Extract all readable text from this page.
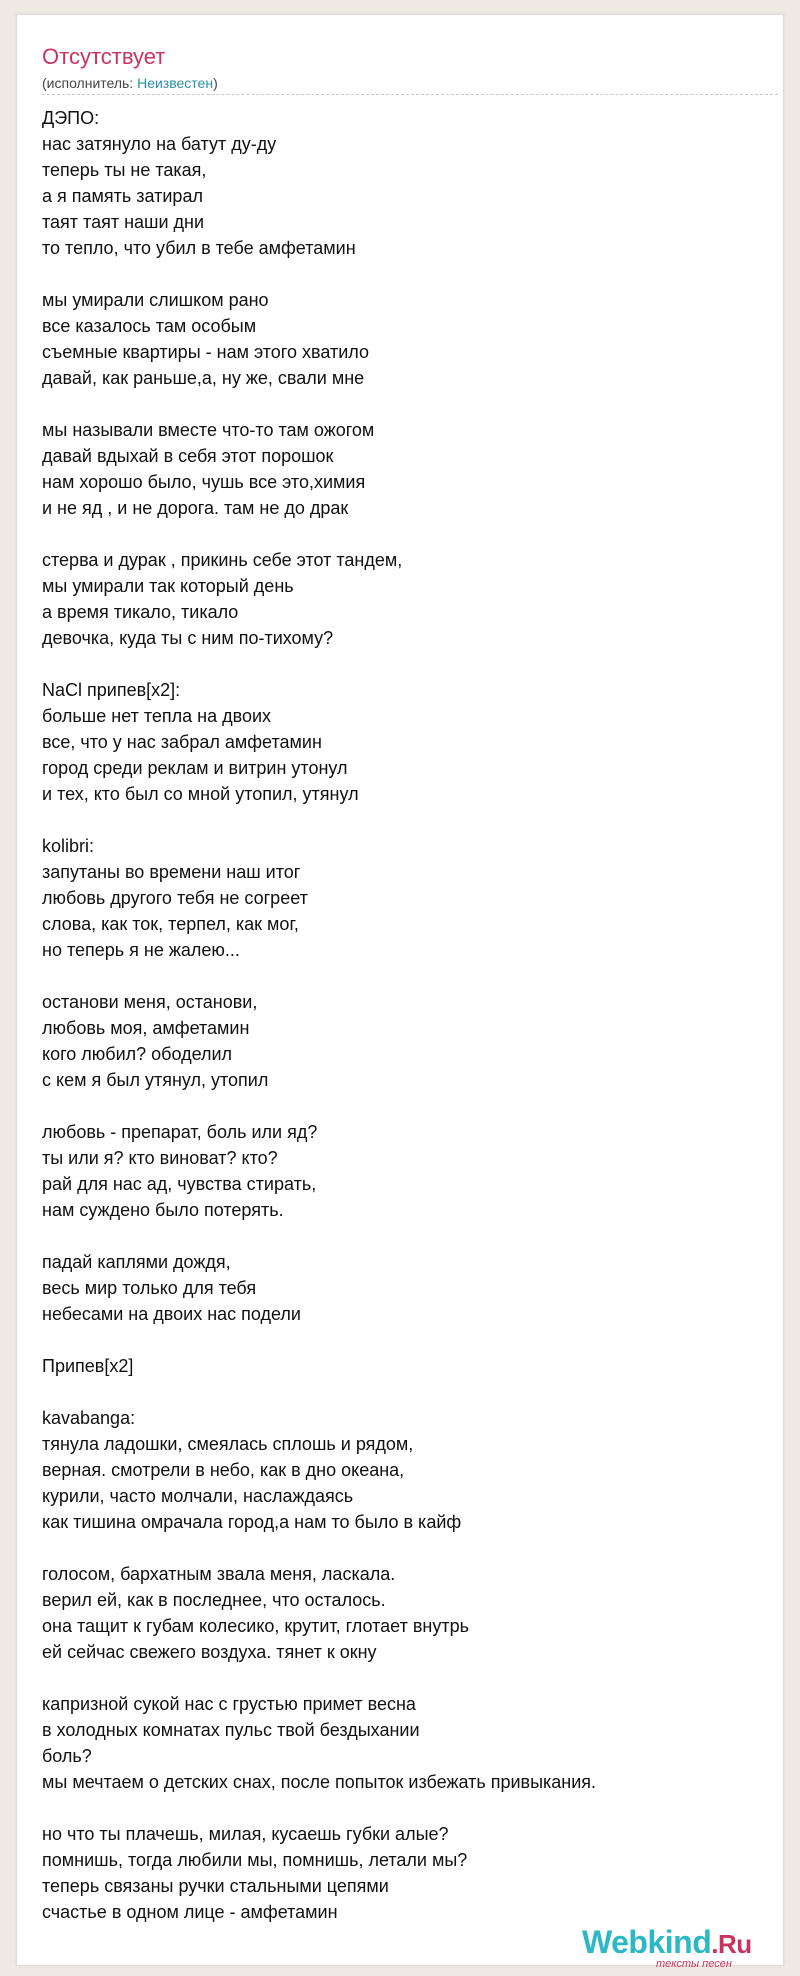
Отсутствует
(исполнитель: Неизвестен)
ДЭПО:
нас затянуло на батут ду-ду
теперь ты не такая,
а я память затирал
таят таят наши дни
то тепло, что убил в тебе амфетамин
мы умирали слишком рано
все казалось там особым
съемные квартиры - нам этого хватило
давай, как раньше,а, ну же, свали мне
мы называли вместе что-то там ожогом
давай вдыхай в себя этот порошок
нам хорошо было, чушь все это,химия
и не яд , и не дорога. там не до драк
стерва и дурак , прикинь себе этот тандем,
мы умирали так который день
а время тикало, тикало
девочка, куда ты с ним по-тихому?
NaCl припев[x2]:
больше нет тепла на двоих
все, что у нас забрал амфетамин
город среди реклам и витрин утонул
и тех, кто был со мной утопил, утянул
kolibri:
запутаны во времени наш итог
любовь другого тебя не согреет
слова, как ток, терпел, как мог,
но теперь я не жалею...
останови меня, останови,
любовь моя, амфетамин
кого любил? ободелил
с кем я был утянул, утопил
любовь - препарат, боль или яд?
ты или я? кто виноват? кто?
рай для нас ад, чувства стирать,
нам суждено было потерять.
падай каплями дождя,
весь мир только для тебя
небесами на двоих нас подели
Припев[x2]
kavabanga:
тянула ладошки, смеялась сплошь и рядом,
верная. смотрели в небо, как в дно океана,
курили, часто молчали, наслаждаясь
как тишина омрачала город,а нам то было в кайф
голосом, бархатным звала меня, ласкала.
верил ей, как в последнее, что осталось.
она тащит к губам колесико, крутит, глотает внутрь
ей сейчас свежего воздуха. тянет к окну
капризной сукой нас с грустью примет весна
в холодных комнатах пульс твой бездыхании
боль?
мы мечтаем о детских снах, после попыток избежать привыкания.
но что ты плачешь, милая, кусаешь губки алые?
помнишь, тогда любили мы, помнишь, летали мы?
теперь связаны ручки стальными цепями
счастье в одном лице - амфетамин
Webkind.Ru
тексты песен
